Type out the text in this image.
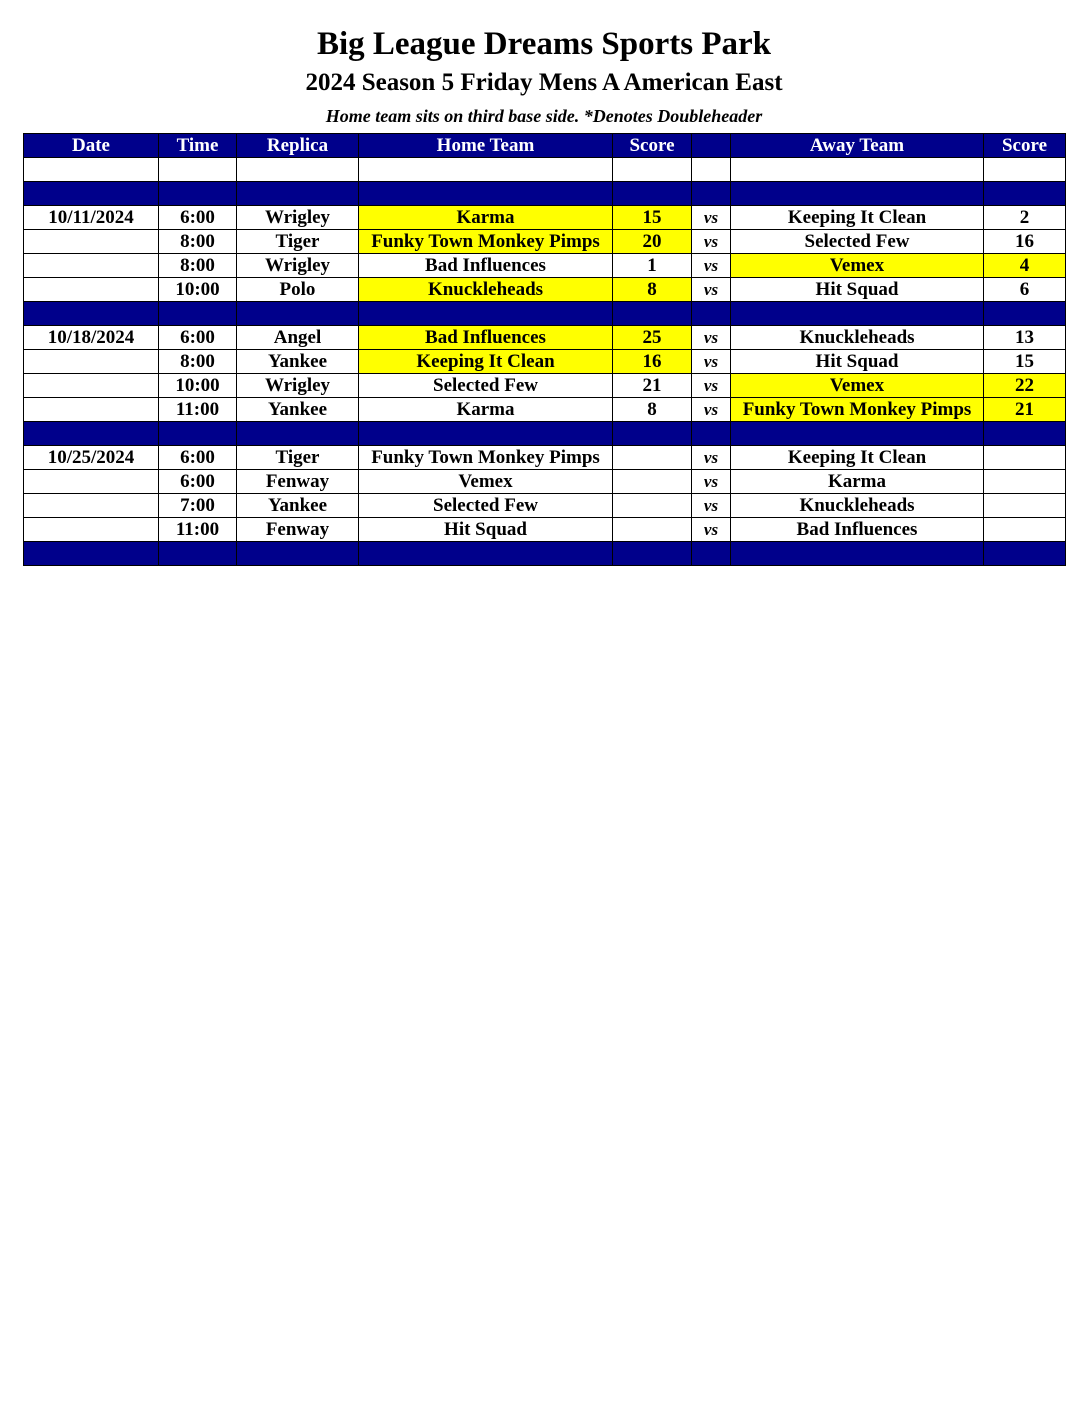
Big League Dreams Sports Park
2024 Season 5 Friday Mens A American East
Home team sits on third base side. *Denotes Doubleheader
Date	Time	Replica	Home Team	Score		Away Team	Score

10/11/2024	6:00	Wrigley	Karma	15	vs	Keeping It Clean	2
	8:00	Tiger	Funky Town Monkey Pimps	20	vs	Selected Few	16
	8:00	Wrigley	Bad Influences	1	vs	Vemex	4
	10:00	Polo	Knuckleheads	8	vs	Hit Squad	6

10/18/2024	6:00	Angel	Bad Influences	25	vs	Knuckleheads	13
	8:00	Yankee	Keeping It Clean	16	vs	Hit Squad	15
	10:00	Wrigley	Selected Few	21	vs	Vemex	22
	11:00	Yankee	Karma	8	vs	Funky Town Monkey Pimps	21

10/25/2024	6:00	Tiger	Funky Town Monkey Pimps		vs	Keeping It Clean	
	6:00	Fenway	Vemex		vs	Karma	
	7:00	Yankee	Selected Few		vs	Knuckleheads	
	11:00	Fenway	Hit Squad		vs	Bad Influences	
